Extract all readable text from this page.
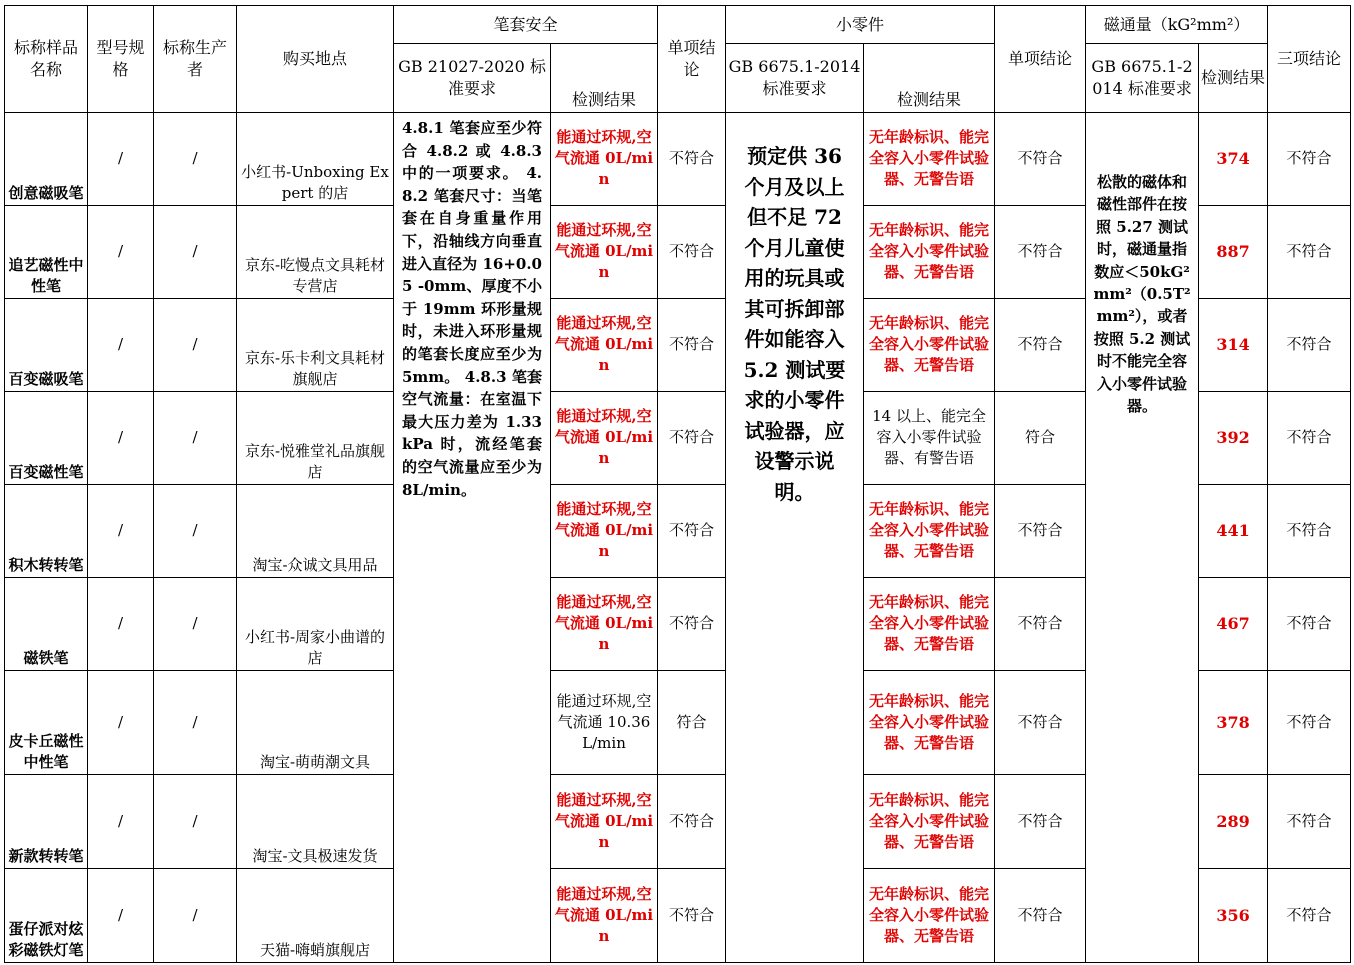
标称样品名称	型号规格	标称生产者	购买地点	笔套安全		单项结论	小零件		单项结论	磁通量（kG²mm²）		三项结论
				GB 21027-2020 标准要求	检测结果		GB 6675.1-2014 标准要求	检测结果		GB 6675.1-2014 标准要求	检测结果	
创意磁吸笔	/	/	小红书-Unboxing Expert 的店	4.8.1 笔套应至少符合 4.8.2 或 4.8.3 中的一项要求。 4.8.2 笔套尺寸：当笔套在自身重量作用下，沿轴线方向垂直进入直径为 16+0.05 -0mm、厚度不小于 19mm 环形量规时，未进入环形量规的笔套长度应至少为 5mm。 4.8.3 笔套空气流量：在室温下最大压力差为 1.33kPa 时，流经笔套的空气流量应至少为 8L/min。	能通过环规,空气流通 0L/min	不符合	预定供 36 个月及以上但不足 72 个月儿童使用的玩具或其可拆卸部件如能容入 5.2 测试要求的小零件试验器，应设警示说明。	无年龄标识、能完全容入小零件试验器、无警告语	不符合	松散的磁体和磁性部件在按照 5.27 测试时，磁通量指数应＜50kG²mm²（0.5T²mm²），或者按照 5.2 测试时不能完全容入小零件试验器。	374	不符合
追艺磁性中性笔	/	/	京东-吃慢点文具耗材专营店		能通过环规,空气流通 0L/min	不符合		无年龄标识、能完全容入小零件试验器、无警告语	不符合		887	不符合
百变磁吸笔	/	/	京东-乐卡利文具耗材旗舰店		能通过环规,空气流通 0L/min	不符合		无年龄标识、能完全容入小零件试验器、无警告语	不符合		314	不符合
百变磁性笔	/	/	京东-悦雅堂礼品旗舰店		能通过环规,空气流通 0L/min	不符合		14 以上、能完全容入小零件试验器、有警告语	符合		392	不符合
积木转转笔	/	/	淘宝-众诚文具用品		能通过环规,空气流通 0L/min	不符合		无年龄标识、能完全容入小零件试验器、无警告语	不符合		441	不符合
磁铁笔	/	/	小红书-周家小曲谱的店		能通过环规,空气流通 0L/min	不符合		无年龄标识、能完全容入小零件试验器、无警告语	不符合		467	不符合
皮卡丘磁性中性笔	/	/	淘宝-萌萌潮文具		能通过环规,空气流通 10.36L/min	符合		无年龄标识、能完全容入小零件试验器、无警告语	不符合		378	不符合
新款转转笔	/	/	淘宝-文具极速发货		能通过环规,空气流通 0L/min	不符合		无年龄标识、能完全容入小零件试验器、无警告语	不符合		289	不符合
蛋仔派对炫彩磁铁灯笔	/	/	天猫-嗨蛸旗舰店		能通过环规,空气流通 0L/min	不符合		无年龄标识、能完全容入小零件试验器、无警告语	不符合		356	不符合
